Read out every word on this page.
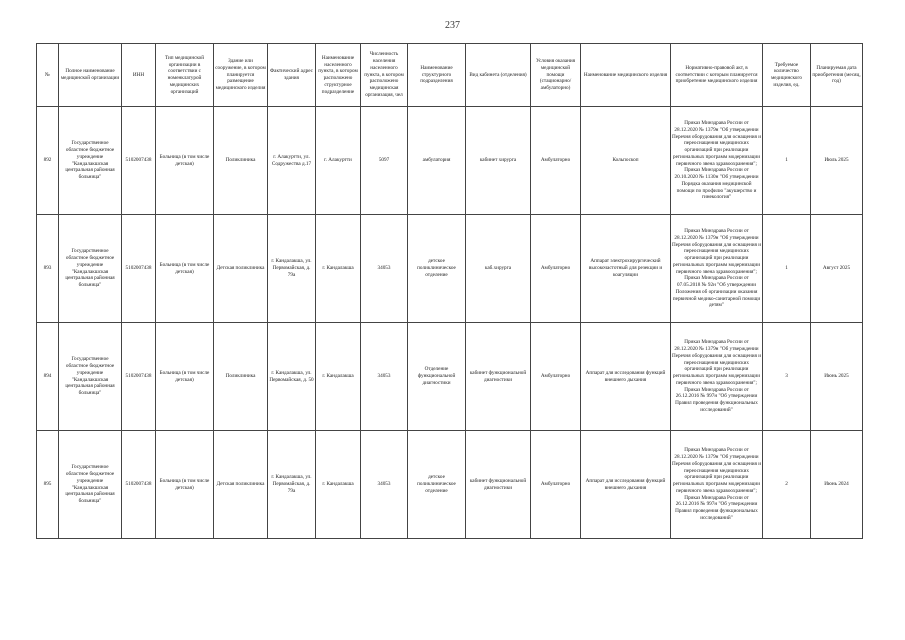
237
№	Полное наименование медицинской организации	ИНН	Тип медицинской организации в соответствии с номенклатурой медицинских организаций	Здание или сооружение, в котором планируется размещение медицинского изделия	Фактический адрес здания	Наименование населенного пункта, в котором расположено структурное подразделение	Численность населения населенного пункта, в котором расположено медицинская организация, чел	Наименование структурного подразделения	Вид кабинета (отделения)	Условия оказания медицинской помощи (стационарно/амбулаторно)	Наименование медицинского изделия	Нормативно-правовой акт, в соответствии с которым планируется приобретение медицинского изделия	Требуемое количество медицинского изделия, ед.	Планируемая дата приобретения (месяц, год)
892	Государственное областное бюджетное учреждение "Кандалакшская центральная районная больница"	5102007438	Больница (в том числе детская)	Поликлиника	г. Алакуртти, ул. Содружества д.17	г. Алакуртти	5097	амбулатория	кабинет хирурга	Амбулаторно	Кольпоскоп	Приказ Минздрава России от 28.12.2020 № 1379н "Об утверждении Перечня оборудования для оснащения и переоснащения медицинских организаций при реализации региональных программ модернизации первичного звена здравоохранения"; Приказ Минздрава России от 20.10.2020 № 1130н "Об утверждении Порядка оказания медицинской помощи по профилю "акушерство и гинекология"	1	Июль 2025
893	Государственное областное бюджетное учреждение "Кандалакшская центральная районная больница"	5102007438	Больница (в том числе детская)	Детская поликлиника	г. Кандалакша, ул. Первомайская, д. 79а	г. Кандалакша	34053	детское поликлиническое отделение	каб.хирурга	Амбулаторно	Аппарат электрохирургический высокочастотный для резекции и коагуляции	Приказ Минздрава России от 28.12.2020 № 1379н "Об утверждении Перечня оборудования для оснащения и переоснащения медицинских организаций при реализации региональных программ модернизации первичного звена здравоохранения"; Приказ Минздрава России от 07.05.2018 № 92н "Об утверждении Положения об организации оказания первичной медико-санитарной помощи детям"	1	Август 2025
894	Государственное областное бюджетное учреждение "Кандалакшская центральная районная больница"	5102007438	Больница (в том числе детская)	Поликлиника	г. Кандалакша, ул. Первомайская, д. 50	г. Кандалакша	34053	Отделение функциональной диагностики	кабинет функциональной диагностики	Амбулаторно	Аппарат для исследования функций внешнего дыхания	Приказ Минздрава России от 28.12.2020 № 1379н "Об утверждении Перечня оборудования для оснащения и переоснащения медицинских организаций при реализации региональных программ модернизации первичного звена здравоохранения"; Приказ Минздрава России от 26.12.2016 № 997н "Об утверждении Правил проведения функциональных исследований"	3	Июнь 2025
895	Государственное областное бюджетное учреждение "Кандалакшская центральная районная больница"	5102007438	Больница (в том числе детская)	Детская поликлиника	г. Кандалакша, ул. Первомайская, д. 79а	г. Кандалакша	34053	детское поликлиническое отделение	кабинет функциональной диагностики	Амбулаторно	Аппарат для исследования функций внешнего дыхания	Приказ Минздрава России от 28.12.2020 № 1379н "Об утверждении Перечня оборудования для оснащения и переоснащения медицинских организаций при реализации региональных программ модернизации первичного звена здравоохранения"; Приказ Минздрава России от 26.12.2016 № 997н "Об утверждении Правил проведения функциональных исследований"	2	Июнь 2024
